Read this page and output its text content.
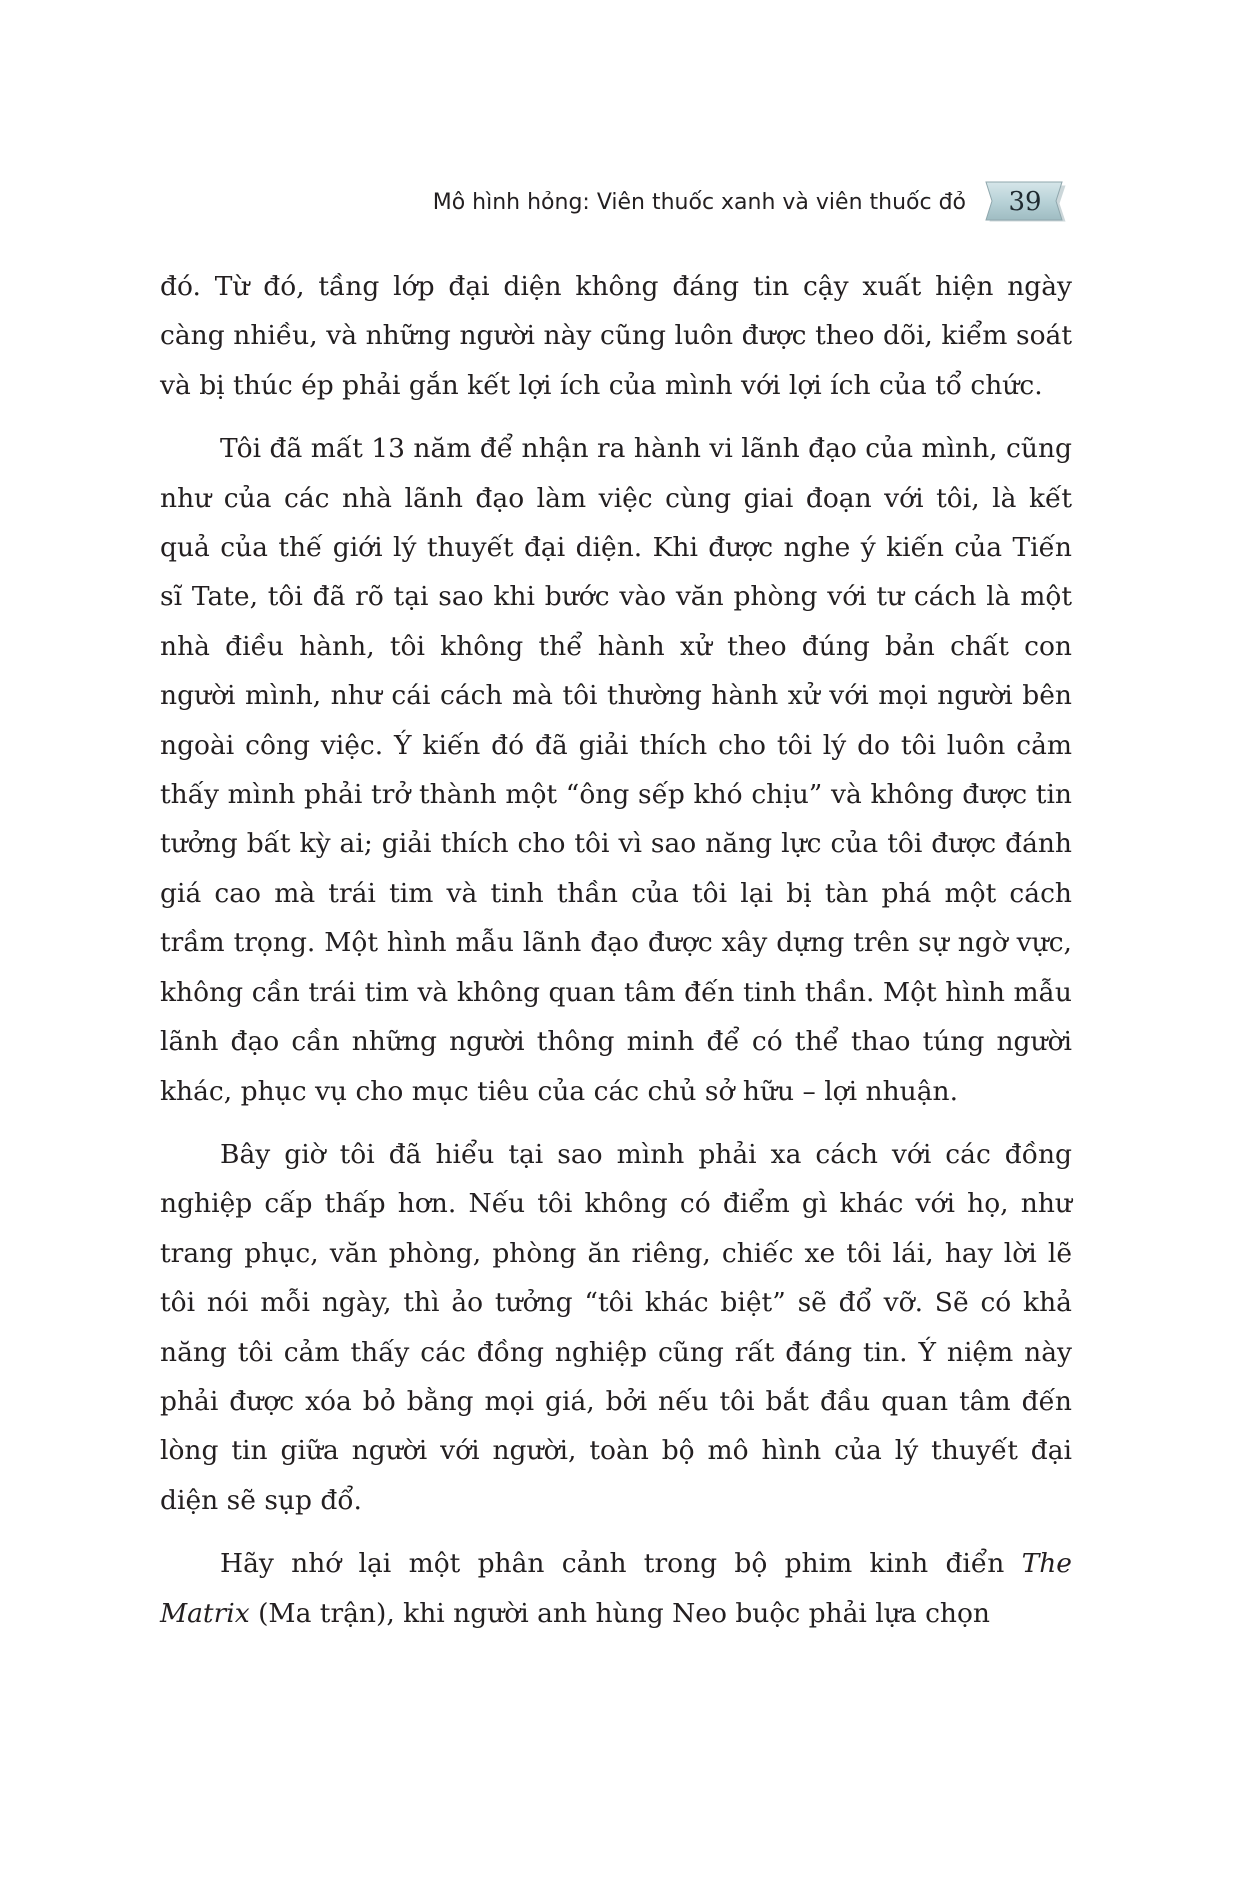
Mô hình hỏng: Viên thuốc xanh và viên thuốc đỏ 39

đó. Từ đó, tầng lớp đại diện không đáng tin cậy xuất hiện ngày càng nhiều, và những người này cũng luôn được theo dõi, kiểm soát và bị thúc ép phải gắn kết lợi ích của mình với lợi ích của tổ chức.

Tôi đã mất 13 năm để nhận ra hành vi lãnh đạo của mình, cũng như của các nhà lãnh đạo làm việc cùng giai đoạn với tôi, là kết quả của thế giới lý thuyết đại diện. Khi được nghe ý kiến của Tiến sĩ Tate, tôi đã rõ tại sao khi bước vào văn phòng với tư cách là một nhà điều hành, tôi không thể hành xử theo đúng bản chất con người mình, như cái cách mà tôi thường hành xử với mọi người bên ngoài công việc. Ý kiến đó đã giải thích cho tôi lý do tôi luôn cảm thấy mình phải trở thành một “ông sếp khó chịu” và không được tin tưởng bất kỳ ai; giải thích cho tôi vì sao năng lực của tôi được đánh giá cao mà trái tim và tinh thần của tôi lại bị tàn phá một cách trầm trọng. Một hình mẫu lãnh đạo được xây dựng trên sự ngờ vực, không cần trái tim và không quan tâm đến tinh thần. Một hình mẫu lãnh đạo cần những người thông minh để có thể thao túng người khác, phục vụ cho mục tiêu của các chủ sở hữu – lợi nhuận.

Bây giờ tôi đã hiểu tại sao mình phải xa cách với các đồng nghiệp cấp thấp hơn. Nếu tôi không có điểm gì khác với họ, như trang phục, văn phòng, phòng ăn riêng, chiếc xe tôi lái, hay lời lẽ tôi nói mỗi ngày, thì ảo tưởng “tôi khác biệt” sẽ đổ vỡ. Sẽ có khả năng tôi cảm thấy các đồng nghiệp cũng rất đáng tin. Ý niệm này phải được xóa bỏ bằng mọi giá, bởi nếu tôi bắt đầu quan tâm đến lòng tin giữa người với người, toàn bộ mô hình của lý thuyết đại diện sẽ sụp đổ.

Hãy nhớ lại một phân cảnh trong bộ phim kinh điển The Matrix (Ma trận), khi người anh hùng Neo buộc phải lựa chọn
